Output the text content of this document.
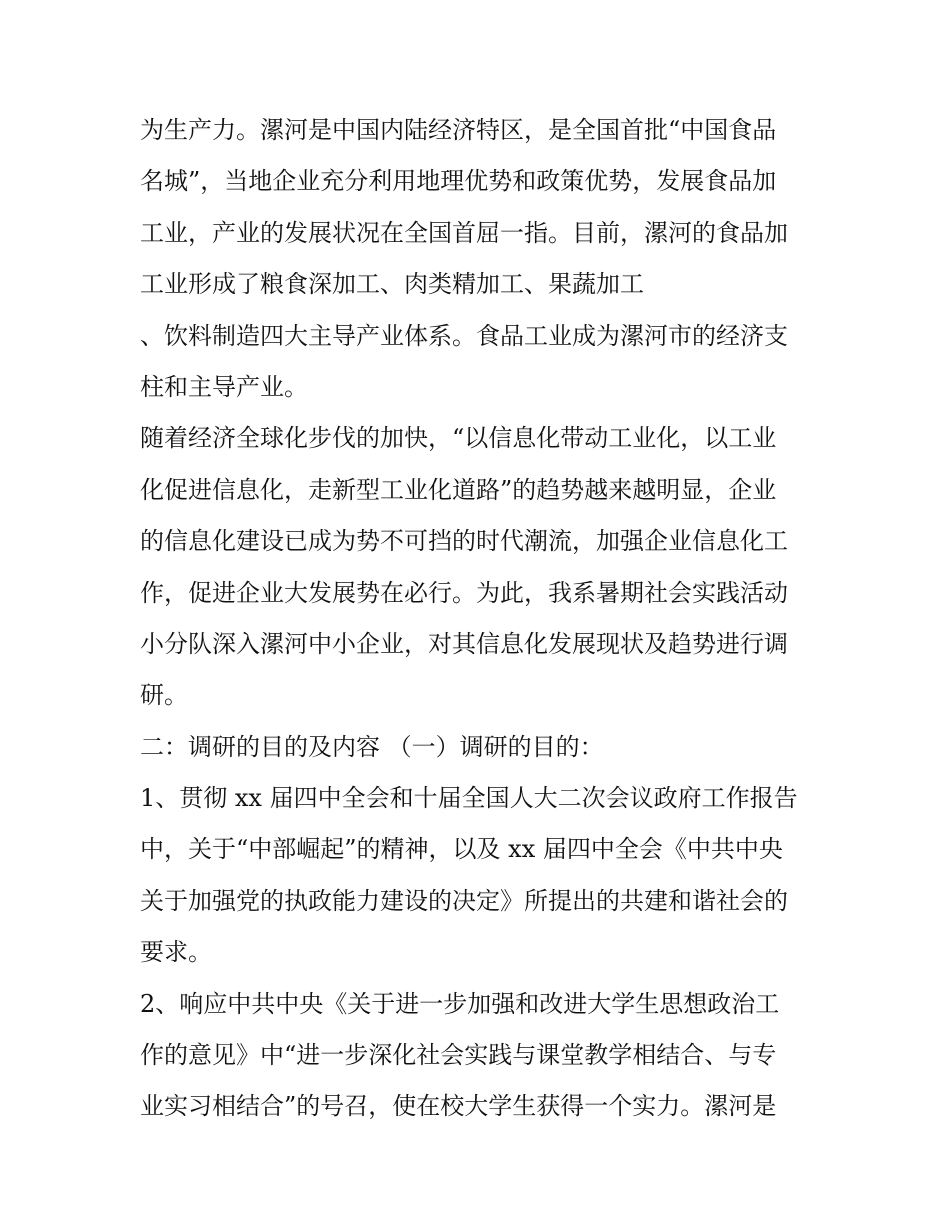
为生产力。漯河是中国内陆经济特区，是全国首批“中国食品
名城”，当地企业充分利用地理优势和政策优势，发展食品加
工业，产业的发展状况在全国首屈一指。目前，漯河的食品加
工业形成了粮食深加工、肉类精加工、果蔬加工
、饮料制造四大主导产业体系。食品工业成为漯河市的经济支
柱和主导产业。
随着经济全球化步伐的加快，“以信息化带动工业化，以工业
化促进信息化，走新型工业化道路”的趋势越来越明显，企业
的信息化建设已成为势不可挡的时代潮流，加强企业信息化工
作，促进企业大发展势在必行。为此，我系暑期社会实践活动
小分队深入漯河中小企业，对其信息化发展现状及趋势进行调
研。
二：调研的目的及内容 （一）调研的目的：
1、贯彻 xx 届四中全会和十届全国人大二次会议政府工作报告
中，关于“中部崛起”的精神，以及 xx 届四中全会《中共中央
关于加强党的执政能力建设的决定》所提出的共建和谐社会的
要求。
2、响应中共中央《关于进一步加强和改进大学生思想政治工
作的意见》中“进一步深化社会实践与课堂教学相结合、与专
业实习相结合”的号召，使在校大学生获得一个实力。漯河是
